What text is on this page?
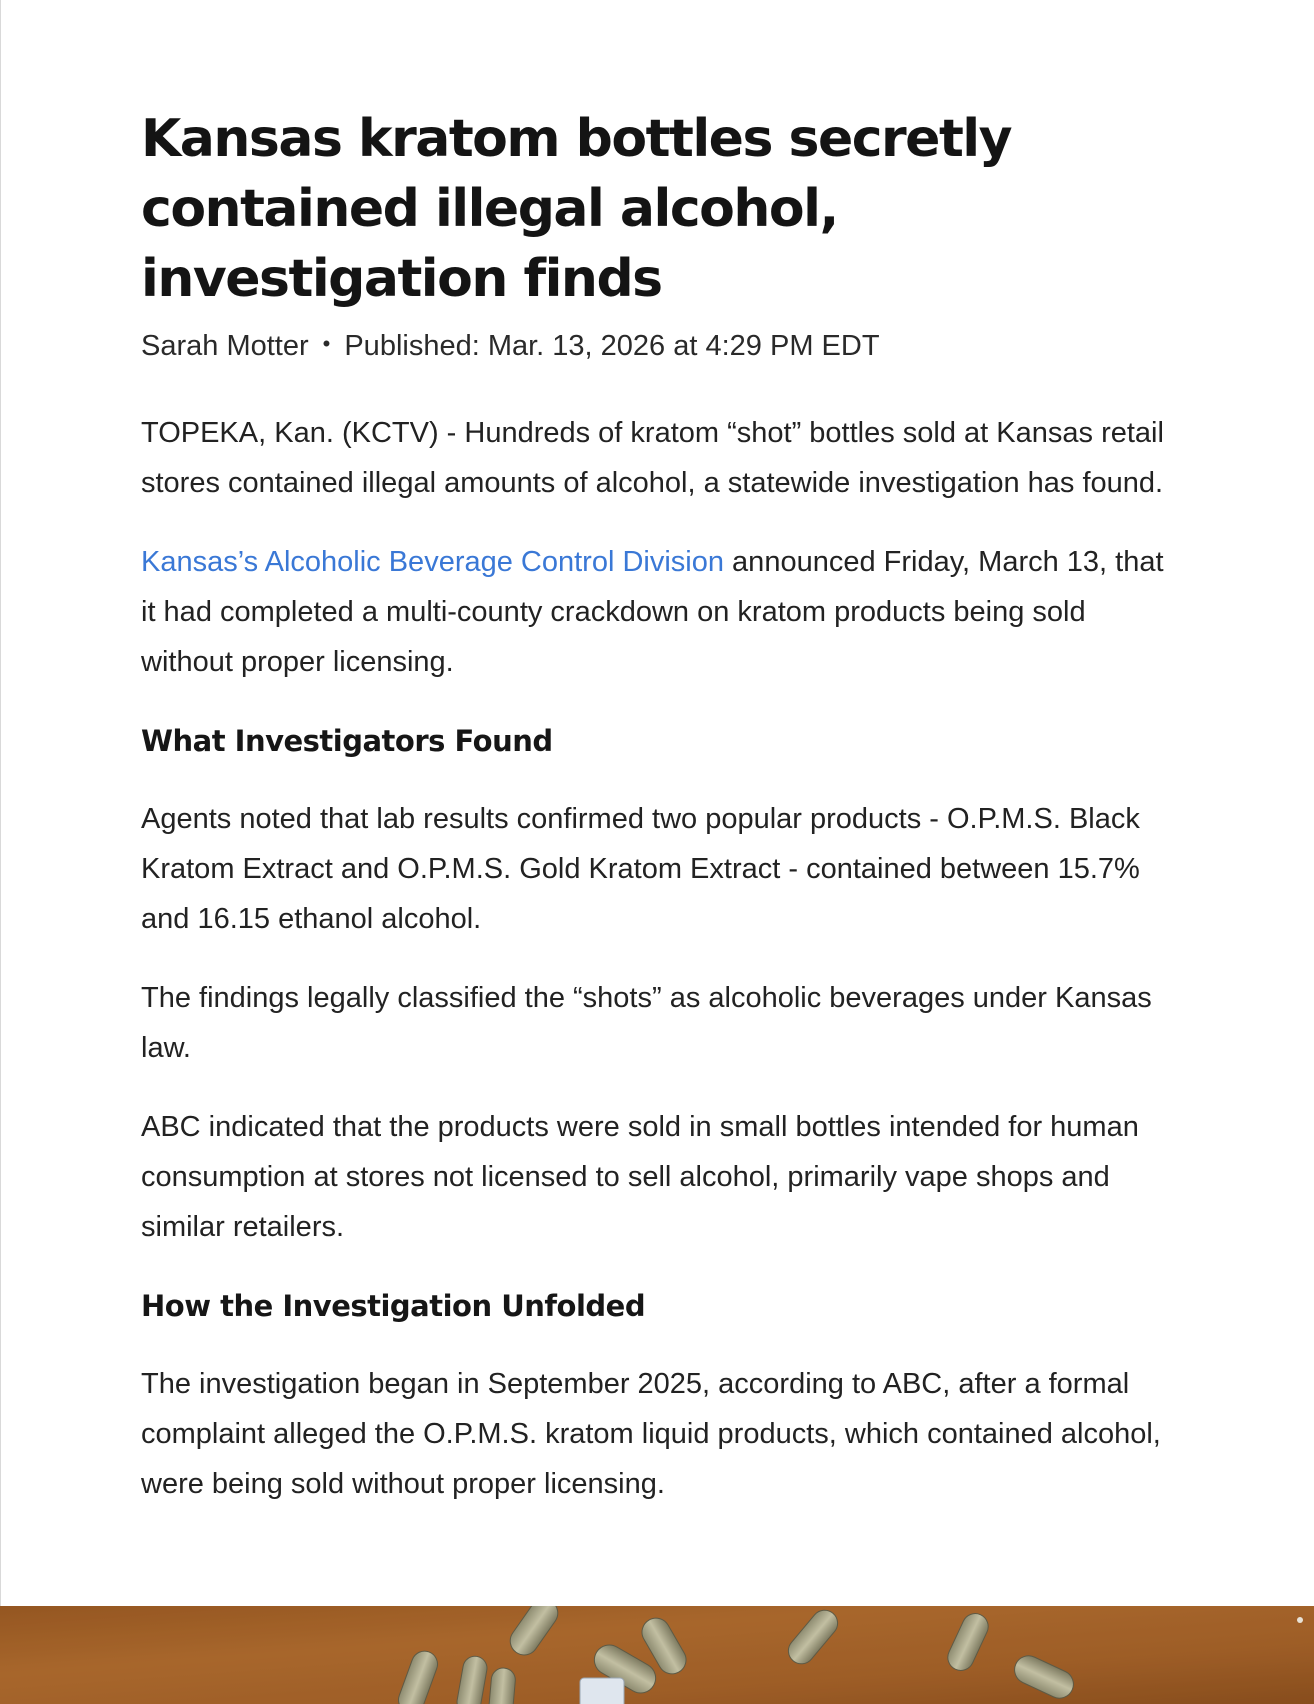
Kansas kratom bottles secretly contained illegal alcohol, investigation finds
Sarah Motter • Published: Mar. 13, 2026 at 4:29 PM EDT

TOPEKA, Kan. (KCTV) - Hundreds of kratom “shot” bottles sold at Kansas retail stores contained illegal amounts of alcohol, a statewide investigation has found.

Kansas’s Alcoholic Beverage Control Division announced Friday, March 13, that it had completed a multi-county crackdown on kratom products being sold without proper licensing.

What Investigators Found

Agents noted that lab results confirmed two popular products - O.P.M.S. Black Kratom Extract and O.P.M.S. Gold Kratom Extract - contained between 15.7% and 16.15 ethanol alcohol.

The findings legally classified the “shots” as alcoholic beverages under Kansas law.

ABC indicated that the products were sold in small bottles intended for human consumption at stores not licensed to sell alcohol, primarily vape shops and similar retailers.

How the Investigation Unfolded

The investigation began in September 2025, according to ABC, after a formal complaint alleged the O.P.M.S. kratom liquid products, which contained alcohol, were being sold without proper licensing.
